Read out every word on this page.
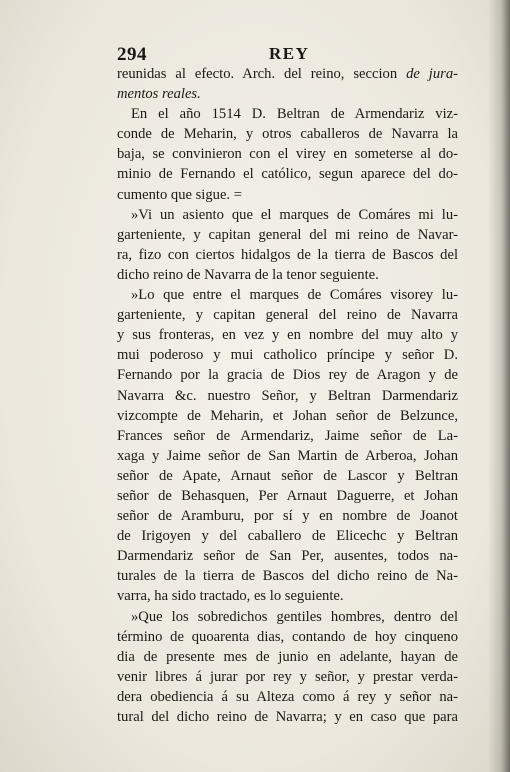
294	REY
reunidas al efecto. Arch. del reino, seccion de jura-
mentos reales.
En el año 1514 D. Beltran de Armendariz viz-
conde de Meharin, y otros caballeros de Navarra la
baja, se convinieron con el virey en someterse al do-
minio de Fernando el católico, segun aparece del do-
cumento que sigue. =
»Vi un asiento que el marques de Comáres mi lu-
garteniente, y capitan general del mi reino de Navar-
ra, fizo con ciertos hidalgos de la tierra de Bascos del
dicho reino de Navarra de la tenor seguiente.
»Lo que entre el marques de Comáres visorey lu-
garteniente, y capitan general del reino de Navarra
y sus fronteras, en vez y en nombre del muy alto y
mui poderoso y mui catholico príncipe y señor D.
Fernando por la gracia de Dios rey de Aragon y de
Navarra &c. nuestro Señor, y Beltran Darmendariz
vizcompte de Meharin, et Johan señor de Belzunce,
Frances señor de Armendariz, Jaime señor de La-
xaga y Jaime señor de San Martin de Arberoa, Johan
señor de Apate, Arnaut señor de Lascor y Beltran
señor de Behasquen, Per Arnaut Daguerre, et Johan
señor de Aramburu, por sí y en nombre de Joanot
de Irigoyen y del caballero de Elicechc y Beltran
Darmendariz señor de San Per, ausentes, todos na-
turales de la tierra de Bascos del dicho reino de Na-
varra, ha sido tractado, es lo seguiente.
»Que los sobredichos gentiles hombres, dentro del
término de quoarenta dias, contando de hoy cinqueno
dia de presente mes de junio en adelante, hayan de
venir libres á jurar por rey y señor, y prestar verda-
dera obediencia á su Alteza como á rey y señor na-
tural del dicho reino de Navarra; y en caso que para
